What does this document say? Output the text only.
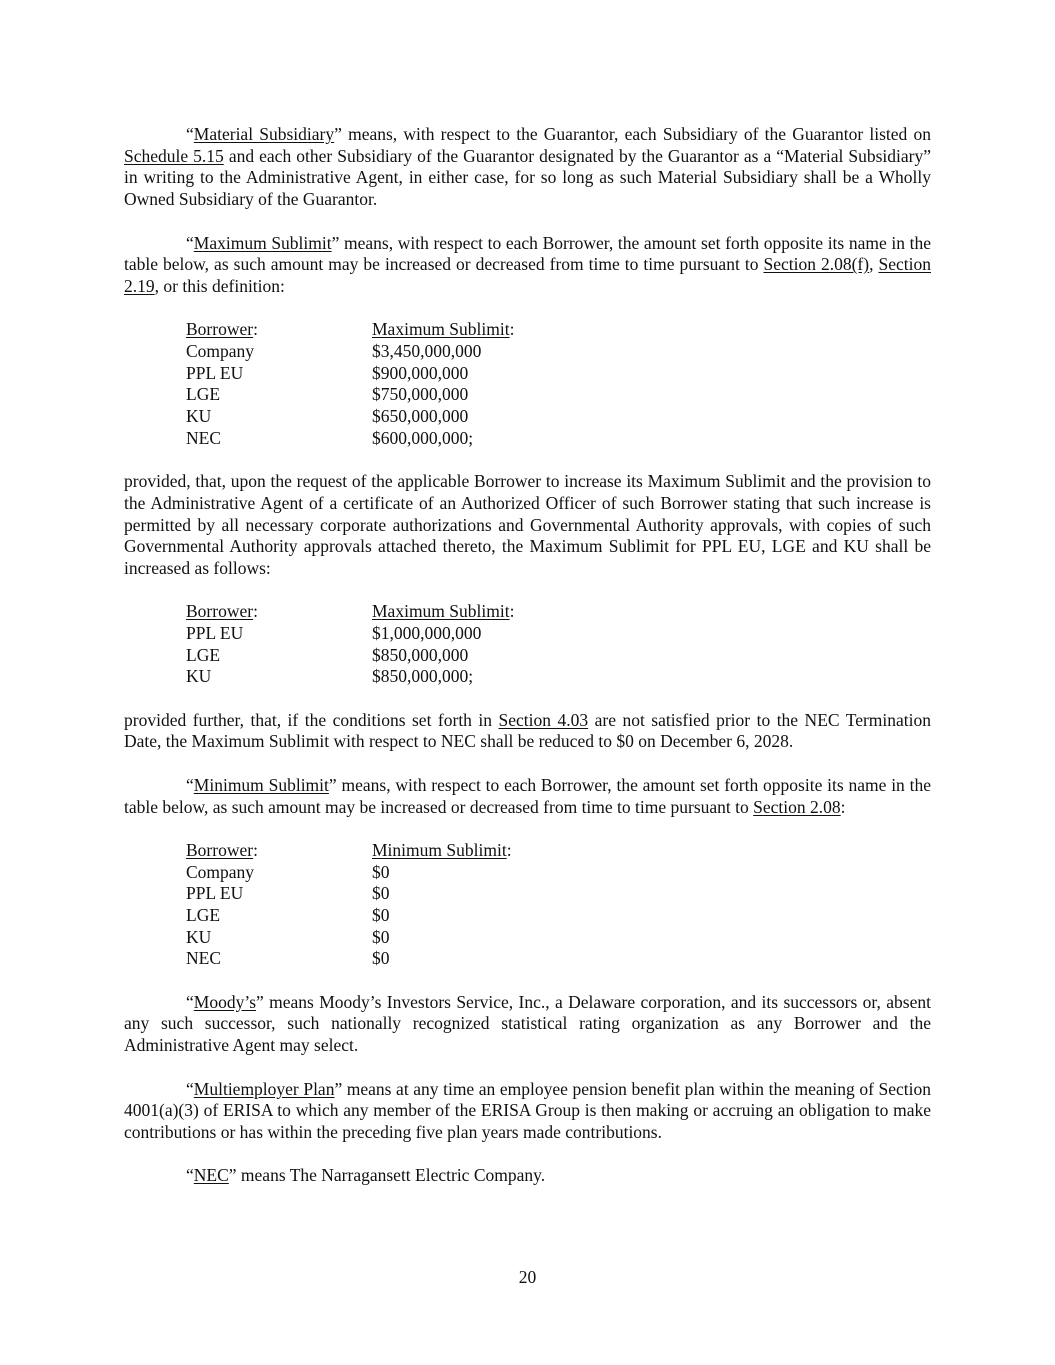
“Material Subsidiary” means, with respect to the Guarantor, each Subsidiary of the Guarantor listed on Schedule 5.15 and each other Subsidiary of the Guarantor designated by the Guarantor as a “Material Subsidiary” in writing to the Administrative Agent, in either case, for so long as such Material Subsidiary shall be a Wholly Owned Subsidiary of the Guarantor.

“Maximum Sublimit” means, with respect to each Borrower, the amount set forth opposite its name in the table below, as such amount may be increased or decreased from time to time pursuant to Section 2.08(f), Section 2.19, or this definition:

Borrower:	Maximum Sublimit:
Company	$3,450,000,000
PPL EU	$900,000,000
LGE	$750,000,000
KU	$650,000,000
NEC	$600,000,000;

provided, that, upon the request of the applicable Borrower to increase its Maximum Sublimit and the provision to the Administrative Agent of a certificate of an Authorized Officer of such Borrower stating that such increase is permitted by all necessary corporate authorizations and Governmental Authority approvals, with copies of such Governmental Authority approvals attached thereto, the Maximum Sublimit for PPL EU, LGE and KU shall be increased as follows:

Borrower:	Maximum Sublimit:
PPL EU	$1,000,000,000
LGE	$850,000,000
KU	$850,000,000;

provided further, that, if the conditions set forth in Section 4.03 are not satisfied prior to the NEC Termination Date, the Maximum Sublimit with respect to NEC shall be reduced to $0 on December 6, 2028.

“Minimum Sublimit” means, with respect to each Borrower, the amount set forth opposite its name in the table below, as such amount may be increased or decreased from time to time pursuant to Section 2.08:

Borrower:	Minimum Sublimit:
Company	$0
PPL EU	$0
LGE	$0
KU	$0
NEC	$0

“Moody’s” means Moody’s Investors Service, Inc., a Delaware corporation, and its successors or, absent any such successor, such nationally recognized statistical rating organization as any Borrower and the Administrative Agent may select.

“Multiemployer Plan” means at any time an employee pension benefit plan within the meaning of Section 4001(a)(3) of ERISA to which any member of the ERISA Group is then making or accruing an obligation to make contributions or has within the preceding five plan years made contributions.

“NEC” means The Narragansett Electric Company.

20
